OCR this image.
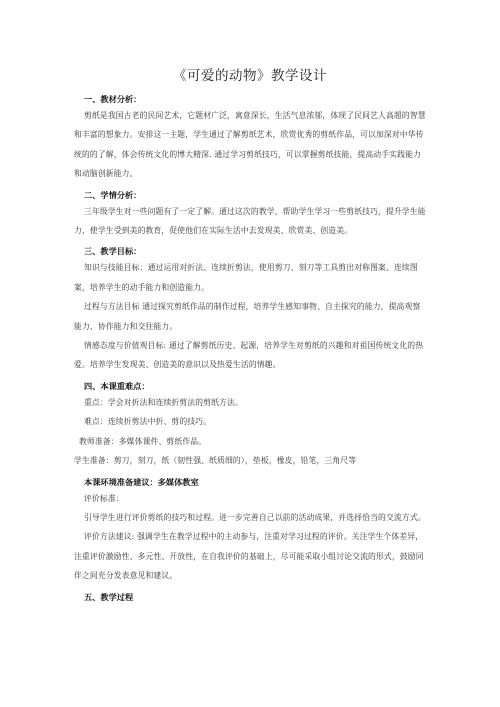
《可爱的动物》教学设计
一、教材分析：

剪纸是我国古老的民间艺术，它题材广泛，寓意深长，生活气息浓郁，体现了民间艺人高超的智慧和丰富的想象力。安排这一主题，学生通过了解剪纸艺术，欣赏优秀的剪纸作品，可以加深对中华传统的的了解，体会传统文化的博大精深. 通过学习剪纸技巧，可以掌握剪纸技能，提高动手实践能力和动脑创新能力。

二、学情分析：

三年级学生对一些问题有了一定了解。通过这次的教学，帮助学生学习一些剪纸技巧，提升学生能力，使学生受到美的教育，促使他们在实际生活中去发现美、欣赏美、创造美。

三、教学目标：

知识与技能目标：通过运用对折法、连续折剪法，使用剪刀、刻刀等工具剪出对称图案、连续图案，培养学生的动手能力和创造能力。

过程与方法目标 通过探究剪纸作品的制作过程，培养学生感知事物、自主探究的能力，提高观察能力、协作能力和交往能力。

情感态度与价值观目标: 通过了解剪纸历史、起源，培养学生对剪纸的兴趣和对祖国传统文化的热爱。培养学生发现美、创造美的意识以及热爱生活的情趣。

四、本课重难点：

重点：学会对折法和连续折剪法的剪纸方法。

难点：连续折剪法中折、剪的技巧。

教师准备：多媒体课件、剪纸作品。

学生准备：剪刀，刻刀，纸（韧性强、纸质细的），垫板，橡皮，铅笔，三角尺等

本课环境准备建议：多媒体教室

评价标准：

引导学生进行评价剪纸的技巧和过程。进一步完善自己以前的活动成果，并选择恰当的交流方式。

评价方法建议: 强调学生在教学过程中的主动参与，注重对学习过程的评价。关注学生个体差异，注重评价激励性、多元性、开放性，在自我评价的基础上，尽可能采取小组讨论交流的形式，鼓励同伴之间充分发表意见和建议。

五、教学过程
